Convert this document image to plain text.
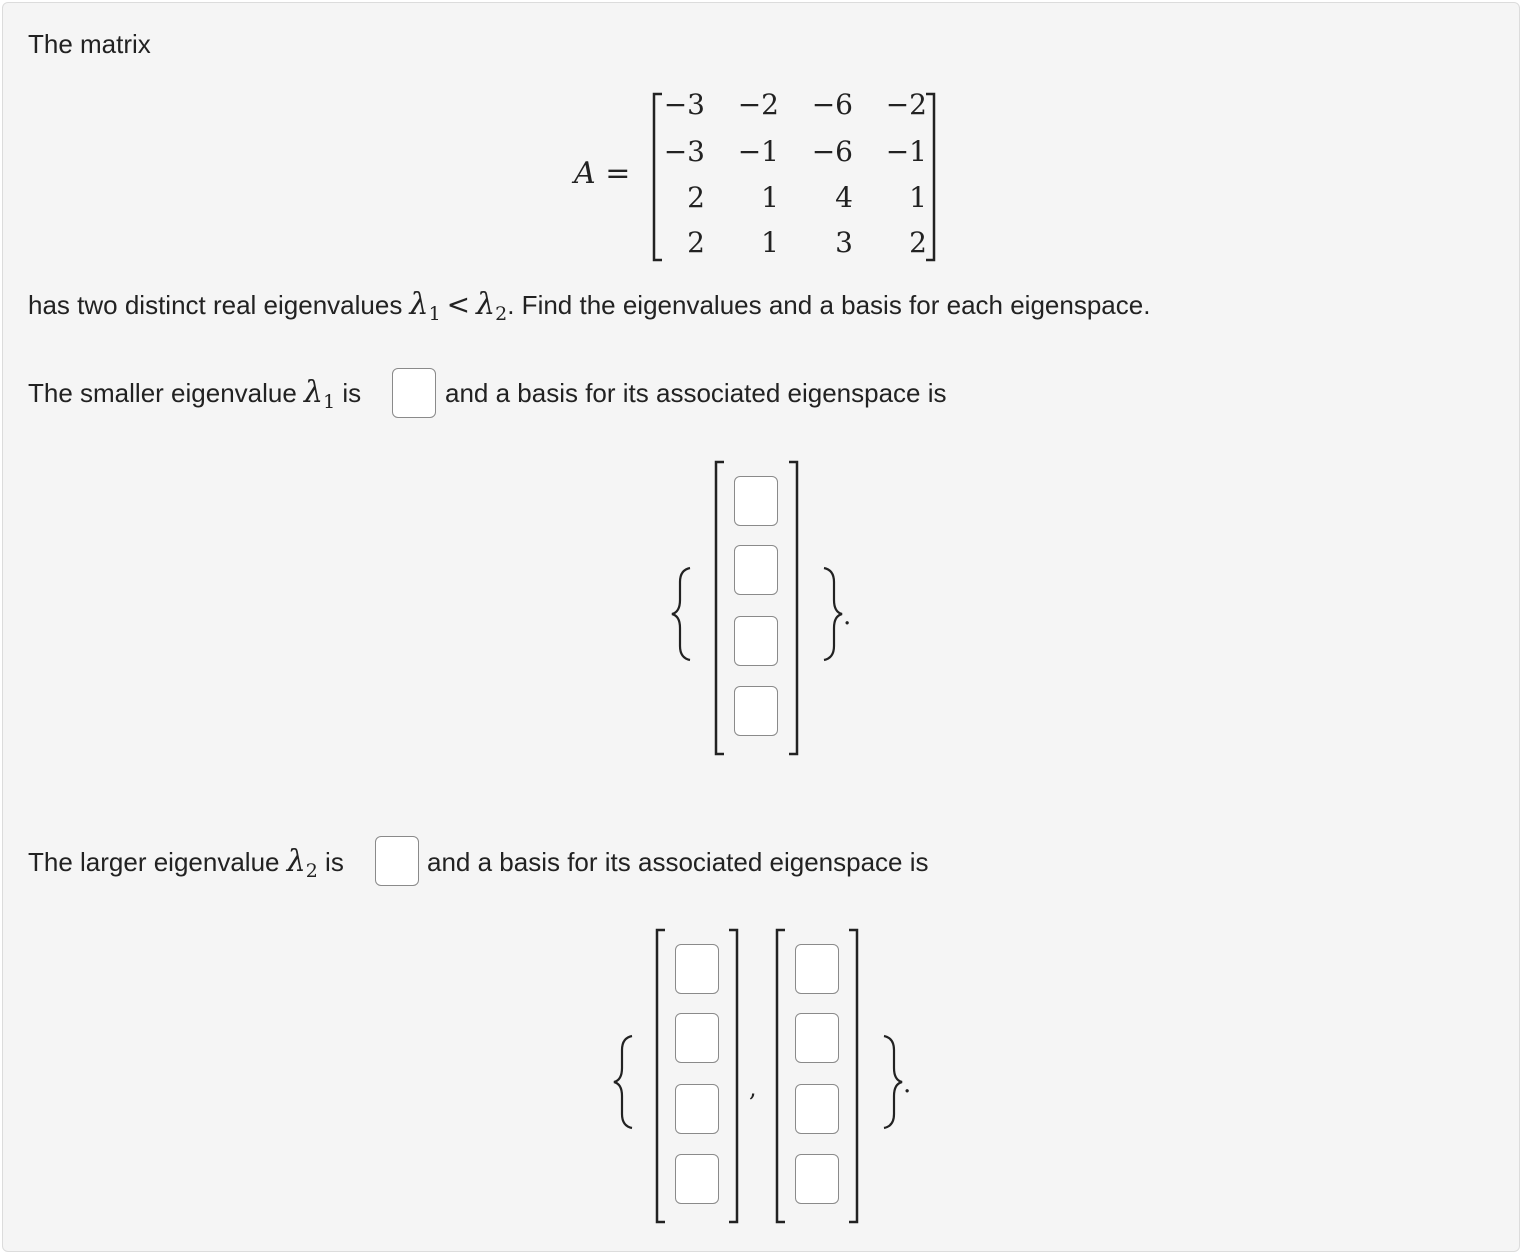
The matrix
A =
−3	−2	−6	−2
−3	−1	−6	−1
2	1	4	1
2	1	3	2
has two distinct real eigenvalues $\lambda_1 < \lambda_2$. Find the eigenvalues and a basis for each eigenspace.
The smaller eigenvalue $\lambda_1$ is	and a basis for its associated eigenspace is
.
The larger eigenvalue $\lambda_2$ is	and a basis for its associated eigenspace is
,	.
